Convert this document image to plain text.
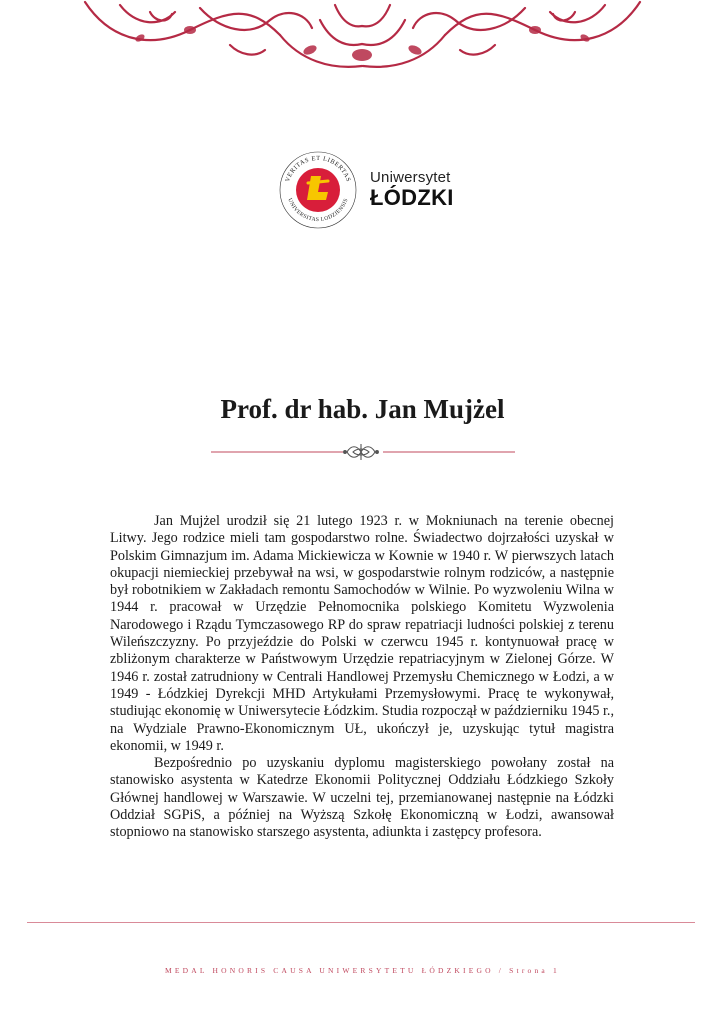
VERITAS ET LIBERTAS
UNIVERSITAS LODZIENSIS
Uniwersytet
ŁÓDZKI
Prof. dr hab. Jan Mujżel

Jan Mujżel urodził się 21 lutego 1923 r. w Mokniunach na terenie obecnej Litwy. Jego rodzice mieli tam gospodarstwo rolne. Świadectwo dojrzałości uzyskał w Polskim Gimnazjum im. Adama Mickiewicza w Kownie w 1940 r. W pierwszych latach okupacji niemieckiej przebywał na wsi, w gospodarstwie rolnym rodziców, a następnie był robotnikiem w Zakładach remontu Samochodów w Wilnie. Po wyzwoleniu Wilna w 1944 r. pracował w Urzędzie Pełnomocnika polskiego Komitetu Wyzwolenia Narodowego i Rządu Tymczasowego RP do spraw repatriacji ludności polskiej z terenu Wileńszczyzny. Po przyjeździe do Polski w czerwcu 1945 r. kontynuował pracę w zbliżonym charakterze w Państwowym Urzędzie repatriacyjnym w Zielonej Górze. W 1946 r. został zatrudniony w Centrali Handlowej Przemysłu Chemicznego w Łodzi, a w 1949 - Łódzkiej Dyrekcji MHD Artykułami Przemysłowymi. Pracę te wykonywał, studiując ekonomię w Uniwersytecie Łódzkim. Studia rozpoczął w październiku 1945 r., na Wydziale Prawno-Ekonomicznym UŁ, ukończył je, uzyskując tytuł magistra ekonomii, w 1949 r.

Bezpośrednio po uzyskaniu dyplomu magisterskiego powołany został na stanowisko asystenta w Katedrze Ekonomii Politycznej Oddziału Łódzkiego Szkoły Głównej handlowej w Warszawie. W uczelni tej, przemianowanej następnie na Łódzki Oddział SGPiS, a później na Wyższą Szkołę Ekonomiczną w Łodzi, awansował stopniowo na stanowisko starszego asystenta, adiunkta i zastępcy profesora.

MEDAL HONORIS CAUSA UNIWERSYTETU ŁÓDZKIEGO / Strona 1
